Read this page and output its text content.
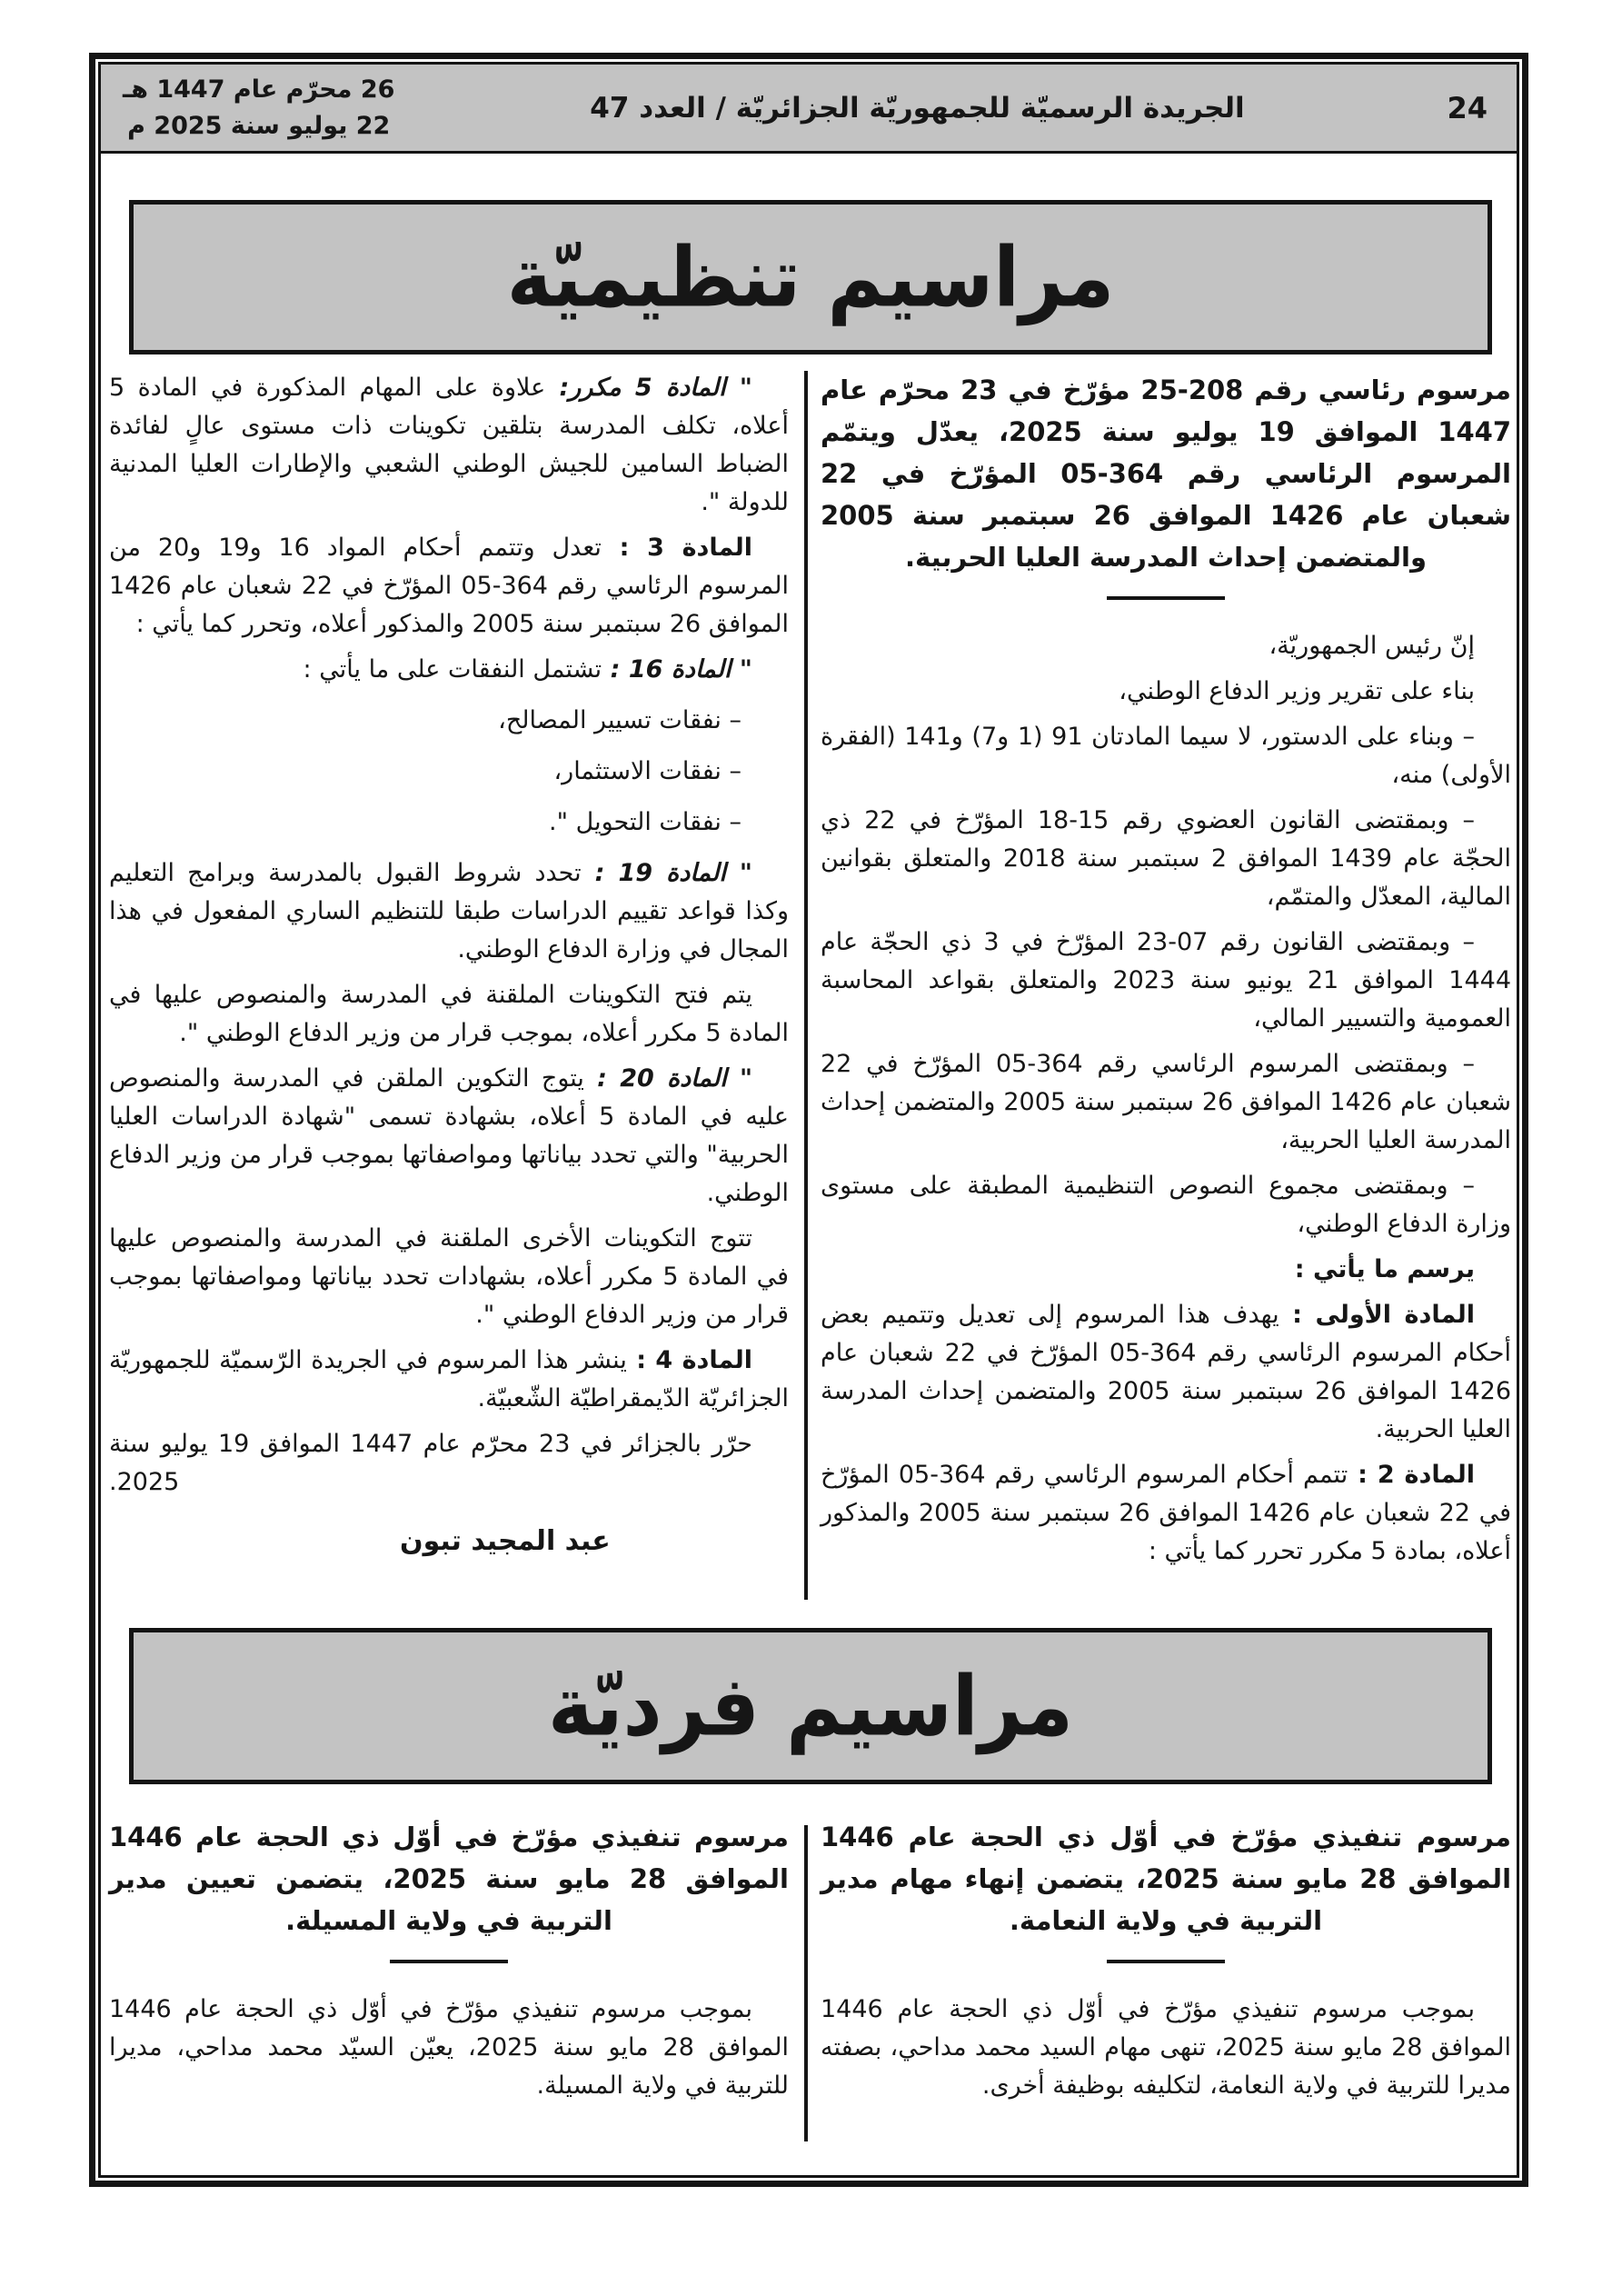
26 محرّم عام 1447 هـ
22 يوليو سنة 2025 م
الجريدة الرسميّة للجمهوريّة الجزائريّة / العدد 47	24
مراسيم تنظيميّة

مرسوم رئاسي رقم 208-25 مؤرّخ في 23 محرّم عام 1447 الموافق 19 يوليو سنة 2025، يعدّل ويتمّم المرسوم الرئاسي رقم 364-05 المؤرّخ في 22 شعبان عام 1426 الموافق 26 سبتمبر سنة 2005 والمتضمن إحداث المدرسة العليا الحربية.

إنّ رئيس الجمهوريّة،

بناء على تقرير وزير الدفاع الوطني،

– وبناء على الدستور، لا سيما المادتان 91 (1 و7) و141 (الفقرة الأولى) منه،

– وبمقتضى القانون العضوي رقم 15-18 المؤرّخ في 22 ذي الحجّة عام 1439 الموافق 2 سبتمبر سنة 2018 والمتعلق بقوانين المالية، المعدّل والمتمّم،

– وبمقتضى القانون رقم 07-23 المؤرّخ في 3 ذي الحجّة عام 1444 الموافق 21 يونيو سنة 2023 والمتعلق بقواعد المحاسبة العمومية والتسيير المالي،

– وبمقتضى المرسوم الرئاسي رقم 364-05 المؤرّخ في 22 شعبان عام 1426 الموافق 26 سبتمبر سنة 2005 والمتضمن إحداث المدرسة العليا الحربية،

– وبمقتضى مجموع النصوص التنظيمية المطبقة على مستوى وزارة الدفاع الوطني،

يرسم ما يأتي :

المادة الأولى : يهدف هذا المرسوم إلى تعديل وتتميم بعض أحكام المرسوم الرئاسي رقم 364-05 المؤرّخ في 22 شعبان عام 1426 الموافق 26 سبتمبر سنة 2005 والمتضمن إحداث المدرسة العليا الحربية.

المادة 2 : تتمم أحكام المرسوم الرئاسي رقم 364-05 المؤرّخ في 22 شعبان عام 1426 الموافق 26 سبتمبر سنة 2005 والمذكور أعلاه، بمادة 5 مكرر تحرر كما يأتي :

" المادة 5 مكرر: علاوة على المهام المذكورة في المادة 5 أعلاه، تكلف المدرسة بتلقين تكوينات ذات مستوى عالٍ لفائدة الضباط السامين للجيش الوطني الشعبي والإطارات العليا المدنية للدولة ".

المادة 3 : تعدل وتتمم أحكام المواد 16 و19 و20 من المرسوم الرئاسي رقم 364-05 المؤرّخ في 22 شعبان عام 1426 الموافق 26 سبتمبر سنة 2005 والمذكور أعلاه، وتحرر كما يأتي :

" المادة 16 : تشتمل النفقات على ما يأتي :

– نفقات تسيير المصالح،

– نفقات الاستثمار،

– نفقات التحويل ".

" المادة 19 : تحدد شروط القبول بالمدرسة وبرامج التعليم وكذا قواعد تقييم الدراسات طبقا للتنظيم الساري المفعول في هذا المجال في وزارة الدفاع الوطني.

يتم فتح التكوينات الملقنة في المدرسة والمنصوص عليها في المادة 5 مكرر أعلاه، بموجب قرار من وزير الدفاع الوطني ".

" المادة 20 : يتوج التكوين الملقن في المدرسة والمنصوص عليه في المادة 5 أعلاه، بشهادة تسمى "شهادة الدراسات العليا الحربية" والتي تحدد بياناتها ومواصفاتها بموجب قرار من وزير الدفاع الوطني.

تتوج التكوينات الأخرى الملقنة في المدرسة والمنصوص عليها في المادة 5 مكرر أعلاه، بشهادات تحدد بياناتها ومواصفاتها بموجب قرار من وزير الدفاع الوطني ".

المادة 4 : ينشر هذا المرسوم في الجريدة الرّسميّة للجمهوريّة الجزائريّة الدّيمقراطيّة الشّعبيّة.

حرّر بالجزائر في 23 محرّم عام 1447 الموافق 19 يوليو سنة 2025.

عبد المجيد تبون
مراسيم فرديّة

مرسوم تنفيذي مؤرّخ في أوّل ذي الحجة عام 1446 الموافق 28 مايو سنة 2025، يتضمن إنهاء مهام مدير التربية في ولاية النعامة.

بموجب مرسوم تنفيذي مؤرّخ في أوّل ذي الحجة عام 1446 الموافق 28 مايو سنة 2025، تنهى مهام السيد محمد مداحي، بصفته مديرا للتربية في ولاية النعامة، لتكليفه بوظيفة أخرى.

مرسوم تنفيذي مؤرّخ في أوّل ذي الحجة عام 1446 الموافق 28 مايو سنة 2025، يتضمن تعيين مدير التربية في ولاية المسيلة.

بموجب مرسوم تنفيذي مؤرّخ في أوّل ذي الحجة عام 1446 الموافق 28 مايو سنة 2025، يعيّن السيّد محمد مداحي، مديرا للتربية في ولاية المسيلة.
